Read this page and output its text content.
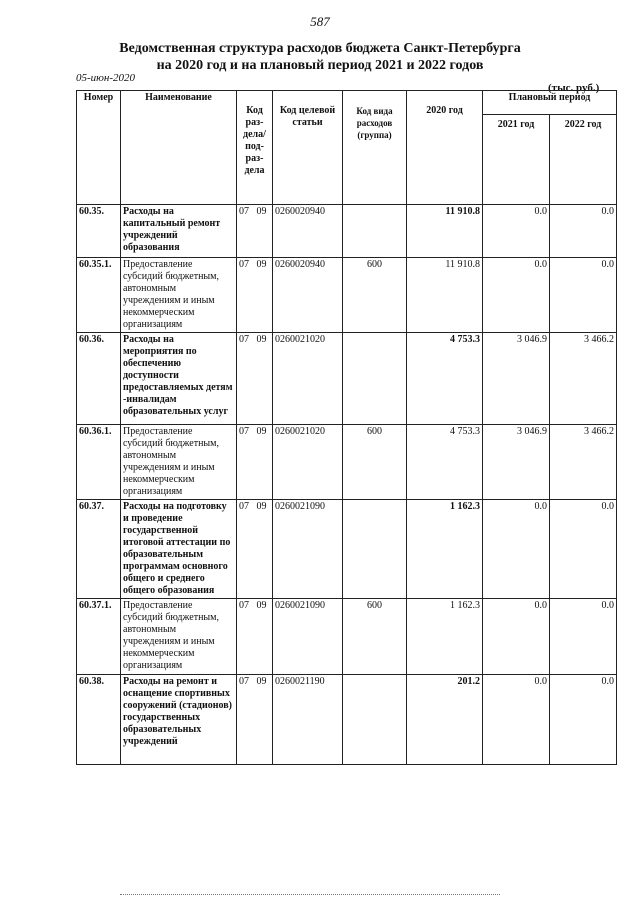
587
Ведомственная структура расходов бюджета Санкт-Петербурга
на 2020 год и на плановый период 2021 и 2022 годов
05-июн-2020
(тыс. руб.)
Номер	Наименование	Код раз- дела/ под- раз- дела	Код целевой статьи	Код вида расходов (группа)	2020 год	Плановый период	
						2021 год	2022 год
60.35.	Расходы на капитальный ремонт учреждений образования	07   09	0260020940		11 910.8	0.0	0.0
60.35.1.	Предоставление субсидий бюджетным, автономным учреждениям и иным некоммерческим организациям	07   09	0260020940	600	11 910.8	0.0	0.0
60.36.	Расходы на мероприятия по обеспечению доступности предоставляемых детям -инвалидам образовательных услуг	07   09	0260021020		4 753.3	3 046.9	3 466.2
60.36.1.	Предоставление субсидий бюджетным, автономным учреждениям и иным некоммерческим организациям	07   09	0260021020	600	4 753.3	3 046.9	3 466.2
60.37.	Расходы на подготовку и проведение государственной итоговой аттестации по образовательным программам основного общего и среднего общего образования	07   09	0260021090		1 162.3	0.0	0.0
60.37.1.	Предоставление субсидий бюджетным, автономным учреждениям и иным некоммерческим организациям	07   09	0260021090	600	1 162.3	0.0	0.0
60.38.	Расходы на ремонт и оснащение спортивных сооружений (стадионов) государственных образовательных учреждений	07   09	0260021190		201.2	0.0	0.0
